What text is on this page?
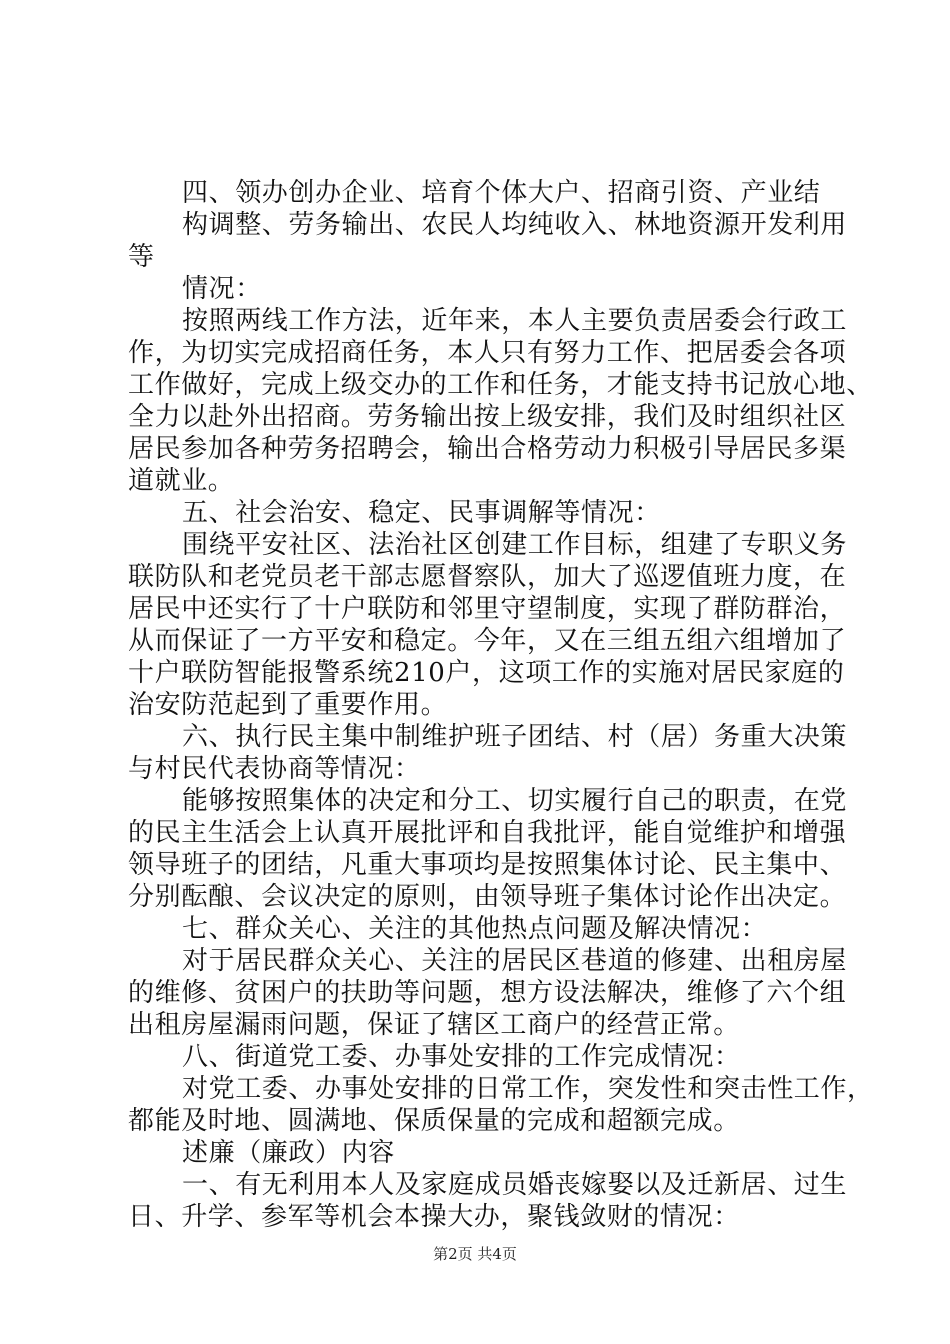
四、领办创办企业、培育个体大户、招商引资、产业结
构调整、劳务输出、农民人均纯收入、林地资源开发利用
等
情况：
按照两线工作方法，近年来，本人主要负责居委会行政工
作，为切实完成招商任务，本人只有努力工作、把居委会各项
工作做好，完成上级交办的工作和任务，才能支持书记放心地、
全力以赴外出招商。劳务输出按上级安排，我们及时组织社区
居民参加各种劳务招聘会，输出合格劳动力积极引导居民多渠
道就业。
五、社会治安、稳定、民事调解等情况：
围绕平安社区、法治社区创建工作目标，组建了专职义务
联防队和老党员老干部志愿督察队，加大了巡逻值班力度，在
居民中还实行了十户联防和邻里守望制度，实现了群防群治，
从而保证了一方平安和稳定。今年，又在三组五组六组增加了
十户联防智能报警系统210户，这项工作的实施对居民家庭的
治安防范起到了重要作用。
六、执行民主集中制维护班子团结、村（居）务重大决策
与村民代表协商等情况：
能够按照集体的决定和分工、切实履行自己的职责，在党
的民主生活会上认真开展批评和自我批评，能自觉维护和增强
领导班子的团结，凡重大事项均是按照集体讨论、民主集中、
分别酝酿、会议决定的原则，由领导班子集体讨论作出决定。
七、群众关心、关注的其他热点问题及解决情况：
对于居民群众关心、关注的居民区巷道的修建、出租房屋
的维修、贫困户的扶助等问题，想方设法解决，维修了六个组
出租房屋漏雨问题，保证了辖区工商户的经营正常。
八、街道党工委、办事处安排的工作完成情况：
对党工委、办事处安排的日常工作，突发性和突击性工作，
都能及时地、圆满地、保质保量的完成和超额完成。
述廉（廉政）内容
一、有无利用本人及家庭成员婚丧嫁娶以及迁新居、过生
日、升学、参军等机会本操大办，聚钱敛财的情况：
第2页 共4页
